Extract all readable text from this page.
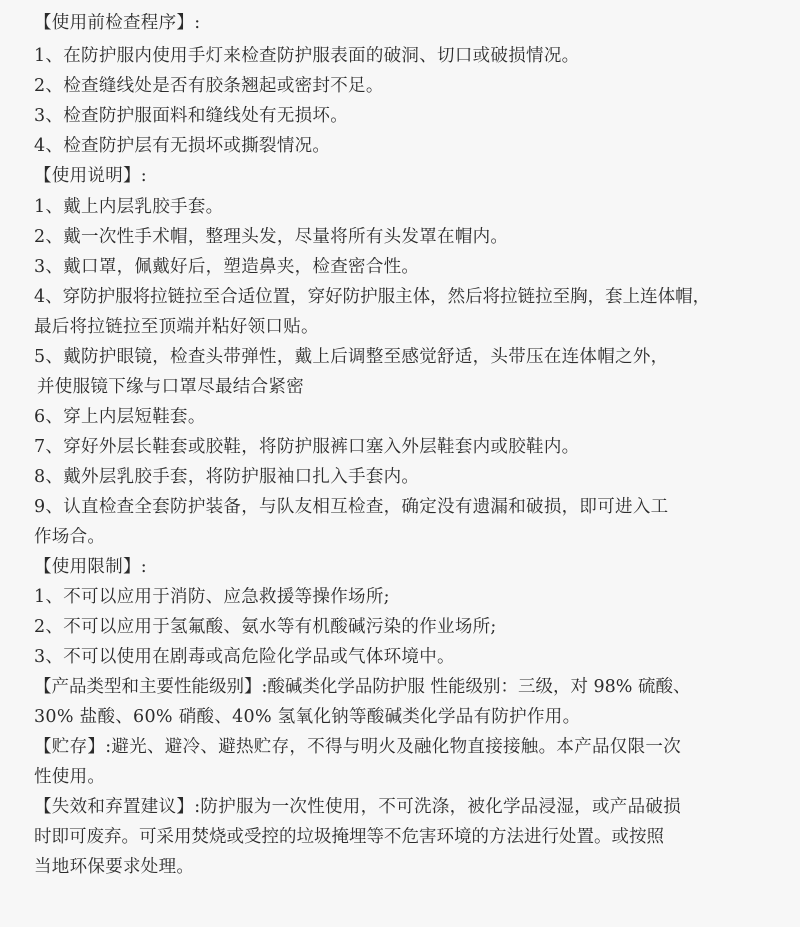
【使用前检查程序】:
1、在防护服内使用手灯来检查防护服表面的破洞、切口或破损情况。
2、检查缝线处是否有胶条翘起或密封不足。
3、检查防护服面料和缝线处有无损坏。
4、检查防护层有无损坏或撕裂情况。
【使用说明】:
1、戴上内层乳胶手套。
2、戴一次性手术帽，整理头发，尽量将所有头发罩在帽内。
3、戴口罩，佩戴好后，塑造鼻夹，检查密合性。
4、穿防护服将拉链拉至合适位置，穿好防护服主体，然后将拉链拉至胸，套上连体帽，
最后将拉链拉至顶端并粘好领口贴。
5、戴防护眼镜，检查头带弹性，戴上后调整至感觉舒适，头带压在连体帽之外，
并使服镜下缘与口罩尽最结合紧密
6、穿上内层短鞋套。
7、穿好外层长鞋套或胶鞋，将防护服裤口塞入外层鞋套内或胶鞋内。
8、戴外层乳胶手套，将防护服袖口扎入手套内。
9、认直检查全套防护装备，与队友相互检查，确定没有遗漏和破损，即可进入工
作场合。
【使用限制】:
1、不可以应用于消防、应急救援等操作场所;
2、不可以应用于氢氟酸、氨水等有机酸碱污染的作业场所;
3、不可以使用在剧毒或高危险化学品或气体环境中。
【产品类型和主要性能级别】:酸碱类化学品防护服 性能级别：三级，对 98% 硫酸、
30% 盐酸、60% 硝酸、40% 氢氧化钠等酸碱类化学品有防护作用。
【贮存】:避光、避冷、避热贮存，不得与明火及融化物直接接触。本产品仅限一次
性使用。
【失效和弃置建议】:防护服为一次性使用，不可洗涤，被化学品浸湿，或产品破损
时即可废弃。可采用焚烧或受控的垃圾掩埋等不危害环境的方法进行处置。或按照
当地环保要求处理。
